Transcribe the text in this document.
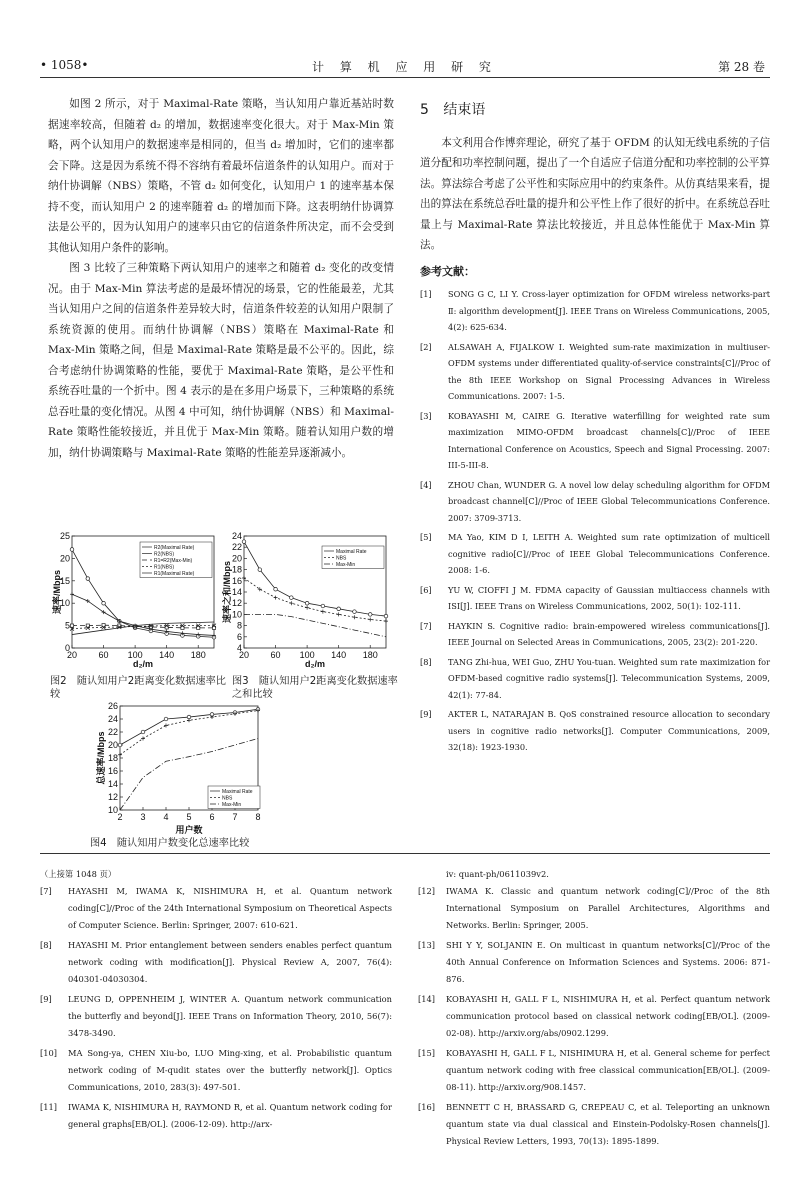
• 1058•	计 算 机 应 用 研 究	第 28 卷

如图 2 所示，对于 Maximal-Rate 策略，当认知用户靠近基站时数据速率较高，但随着 d₂ 的增加，数据速率变化很大。对于 Max-Min 策略，两个认知用户的数据速率是相同的，但当 d₂ 增加时，它们的速率都会下降。这是因为系统不得不容纳有着最坏信道条件的认知用户。而对于纳什协调解（NBS）策略，不管 d₂ 如何变化，认知用户 1 的速率基本保持不变，而认知用户 2 的速率随着 d₂ 的增加而下降。这表明纳什协调算法是公平的，因为认知用户的速率只由它的信道条件所决定，而不会受到其他认知用户条件的影响。

图 3 比较了三种策略下两认知用户的速率之和随着 d₂ 变化的改变情况。由于 Max-Min 算法考虑的是最坏情况的场景，它的性能最差，尤其当认知用户之间的信道条件差异较大时，信道条件较差的认知用户限制了系统资源的使用。而纳什协调解（NBS）策略在 Maximal-Rate 和 Max-Min 策略之间，但是 Maximal-Rate 策略是最不公平的。因此，综合考虑纳什协调策略的性能，要优于 Maximal-Rate 策略，是公平性和系统吞吐量的一个折中。图 4 表示的是在多用户场景下，三种策略的系统总吞吐量的变化情况。从图 4 中可知，纳什协调解（NBS）和 Maximal-Rate 策略性能较接近，并且优于 Max-Min 策略。随着认知用户数的增加，纳什协调策略与 Maximal-Rate 策略的性能差异逐渐减小。

5 结束语

本文利用合作博弈理论，研究了基于 OFDM 的认知无线电系统的子信道分配和功率控制问题，提出了一个自适应子信道分配和功率控制的公平算法。算法综合考虑了公平性和实际应用中的约束条件。从仿真结果来看，提出的算法在系统总吞吐量的提升和公平性上作了很好的折中。在系统总吞吐量上与 Maximal-Rate 算法比较接近，并且总体性能优于 Max-Min 算法。

参考文献：
[1] SONG G C, LI Y. Cross-layer optimization for OFDM wireless networks-part Ⅱ: algorithm development[J]. IEEE Trans on Wireless Communications, 2005, 4(2): 625-634.
[2] ALSAWAH A, FIJALKOW I. Weighted sum-rate maximization in multiuser-OFDM systems under differentiated quality-of-service constraints[C]//Proc of the 8th IEEE Workshop on Signal Processing Advances in Wireless Communications. 2007: 1-5.
[3] KOBAYASHI M, CAIRE G. Iterative waterfilling for weighted rate sum maximization MIMO-OFDM broadcast channels[C]//Proc of IEEE International Conference on Acoustics, Speech and Signal Processing. 2007: III-5-III-8.
[4] ZHOU Chan, WUNDER G. A novel low delay scheduling algorithm for OFDM broadcast channel[C]//Proc of IEEE Global Telecommunications Conference. 2007: 3709-3713.
[5] MA Yao, KIM D I, LEITH A. Weighted sum rate optimization of multicell cognitive radio[C]//Proc of IEEE Global Telecommunications Conference. 2008: 1-6.
[6] YU W, CIOFFI J M. FDMA capacity of Gaussian multiaccess channels with ISI[J]. IEEE Trans on Wireless Communications, 2002, 50(1): 102-111.
[7] HAYKIN S. Cognitive radio: brain-empowered wireless communications[J]. IEEE Journal on Selected Areas in Communications, 2005, 23(2): 201-220.
[8] TANG Zhi-hua, WEI Guo, ZHU You-tuan. Weighted sum rate maximization for OFDM-based cognitive radio systems[J]. Telecommunication Systems, 2009, 42(1): 77-84.
[9] AKTER L, NATARAJAN B. QoS constrained resource allocation to secondary users in cognitive radio networks[J]. Computer Communications, 2009, 32(18): 1923-1930.
20 60 100 140 180
0
5
10
15
20
25
d₂/m
速率/Mbps
R2(Maximal Rate)
R2(NBS)
R1=R2(Max-Min)
R1(NBS)
R1(Maximal Rate)
图2　随认知用户2距离变化数据速率比较
20 60 100 140 180
4
6
8
10
12
14
16
18
20
22
24
d₂/m
速率之和/Mbps
Maximal Rate
NBS
Max-Min
图3　随认知用户2距离变化数据速率之和比较
2 3 4 5 6 7 8
10
12
14
16
18
20
22
24
26
用户数
总速率/Mbps
Maximal Rate
NBS
Max-Min
图4　随认知用户数变化总速率比较
（上接第 1048 页）
[7] HAYASHI M, IWAMA K, NISHIMURA H, et al. Quantum network coding[C]//Proc of the 24th International Symposium on Theoretical Aspects of Computer Science. Berlin: Springer, 2007: 610-621.
[8] HAYASHI M. Prior entanglement between senders enables perfect quantum network coding with modification[J]. Physical Review A, 2007, 76(4): 040301-04030304.
[9] LEUNG D, OPPENHEIM J, WINTER A. Quantum network communication the butterfly and beyond[J]. IEEE Trans on Information Theory, 2010, 56(7): 3478-3490.
[10] MA Song-ya, CHEN Xiu-bo, LUO Ming-xing, et al. Probabilistic quantum network coding of M-qudit states over the butterfly network[J]. Optics Communications, 2010, 283(3): 497-501.
[11] IWAMA K, NISHIMURA H, RAYMOND R, et al. Quantum network coding for general graphs[EB/OL]. (2006-12-09). http://arx-
iv: quant-ph/0611039v2.
[12] IWAMA K. Classic and quantum network coding[C]//Proc of the 8th International Symposium on Parallel Architectures, Algorithms and Networks. Berlin: Springer, 2005.
[13] SHI Y Y, SOLJANIN E. On multicast in quantum networks[C]//Proc of the 40th Annual Conference on Information Sciences and Systems. 2006: 871-876.
[14] KOBAYASHI H, GALL F L, NISHIMURA H, et al. Perfect quantum network communication protocol based on classical network coding[EB/OL]. (2009-02-08). http://arxiv.org/abs/0902.1299.
[15] KOBAYASHI H, GALL F L, NISHIMURA H, et al. General scheme for perfect quantum network coding with free classical communication[EB/OL]. (2009-08-11). http://arxiv.org/908.1457.
[16] BENNETT C H, BRASSARD G, CREPEAU C, et al. Teleporting an unknown quantum state via dual classical and Einstein-Podolsky-Rosen channels[J]. Physical Review Letters, 1993, 70(13): 1895-1899.
